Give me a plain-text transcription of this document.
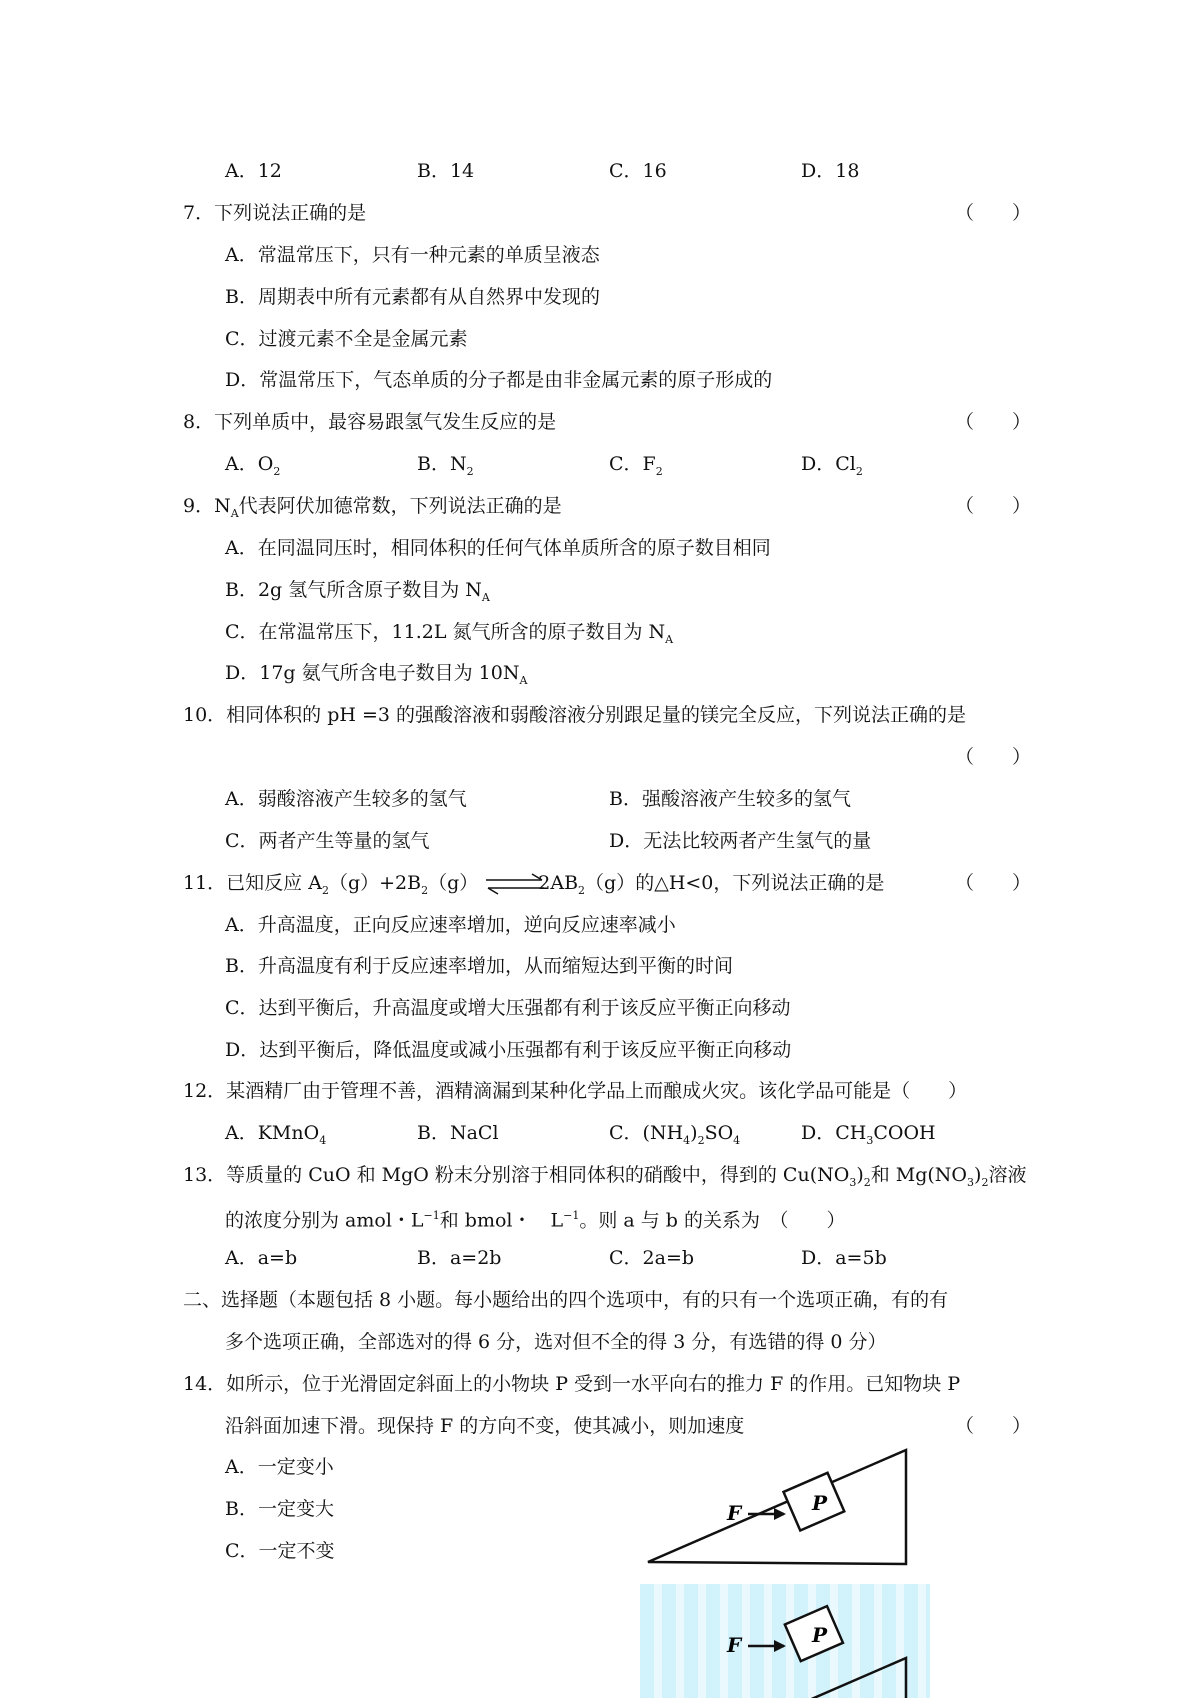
A．12	B．14	C．16	D．18
7．下列说法正确的是	（　　）
A．常温常压下，只有一种元素的单质呈液态
B．周期表中所有元素都有从自然界中发现的
C．过渡元素不全是金属元素
D．常温常压下，气态单质的分子都是由非金属元素的原子形成的
8．下列单质中，最容易跟氢气发生反应的是	（　　）
A．$O_2$	B．$N_2$	C．$F_2$	D．$Cl_2$
9．$N_A$代表阿伏加德常数，下列说法正确的是	（　　）
A．在同温同压时，相同体积的任何气体单质所含的原子数目相同
B．2g 氢气所含原子数目为 $N_A$
C．在常温常压下，11.2L 氮气所含的原子数目为 $N_A$
D．17g 氨气所含电子数目为 $10N_A$
10．相同体积的 pH =3 的强酸溶液和弱酸溶液分别跟足量的镁完全反应，下列说法正确的是
（　　）
A．弱酸溶液产生较多的氢气	B．强酸溶液产生较多的氢气
C．两者产生等量的氢气	D．无法比较两者产生氢气的量
11．已知反应 $A_2(g)+2B_2(g)$ $\rightleftharpoons 2AB_2(g)$的△H<0，下列说法正确的是	（　　）
A．升高温度，正向反应速率增加，逆向反应速率减小
B．升高温度有利于反应速率增加，从而缩短达到平衡的时间
C．达到平衡后，升高温度或增大压强都有利于该反应平衡正向移动
D．达到平衡后，降低温度或减小压强都有利于该反应平衡正向移动
12．某酒精厂由于管理不善，酒精滴漏到某种化学品上而酿成火灾。该化学品可能是（　　）
A．KMnO$_4$	B．NaCl	C．$(NH_4)_2SO_4$	D．$CH_3COOH$
13．等质量的 CuO 和 MgO 粉末分别溶于相同体积的硝酸中，得到的 $Cu(NO_3)_2$和 $Mg(NO_3)_2$溶液
的浓度分别为 amol・$L^{-1}$和 bmol・　$L^{-1}$。则 a 与 b 的关系为　（　　）
A．a=b	B．a=2b	C．2a=b	D．a=5b
二、选择题（本题包括 8 小题。每小题给出的四个选项中，有的只有一个选项正确，有的有
多个选项正确，全部选对的得 6 分，选对但不全的得 3 分，有选错的得 0 分）
14．如所示，位于光滑固定斜面上的小物块 P 受到一水平向右的推力 F 的作用。已知物块 P
沿斜面加速下滑。现保持 F 的方向不变，使其减小，则加速度	（　　）
A．一定变小
B．一定变大
C．一定不变
P
F
P
F
